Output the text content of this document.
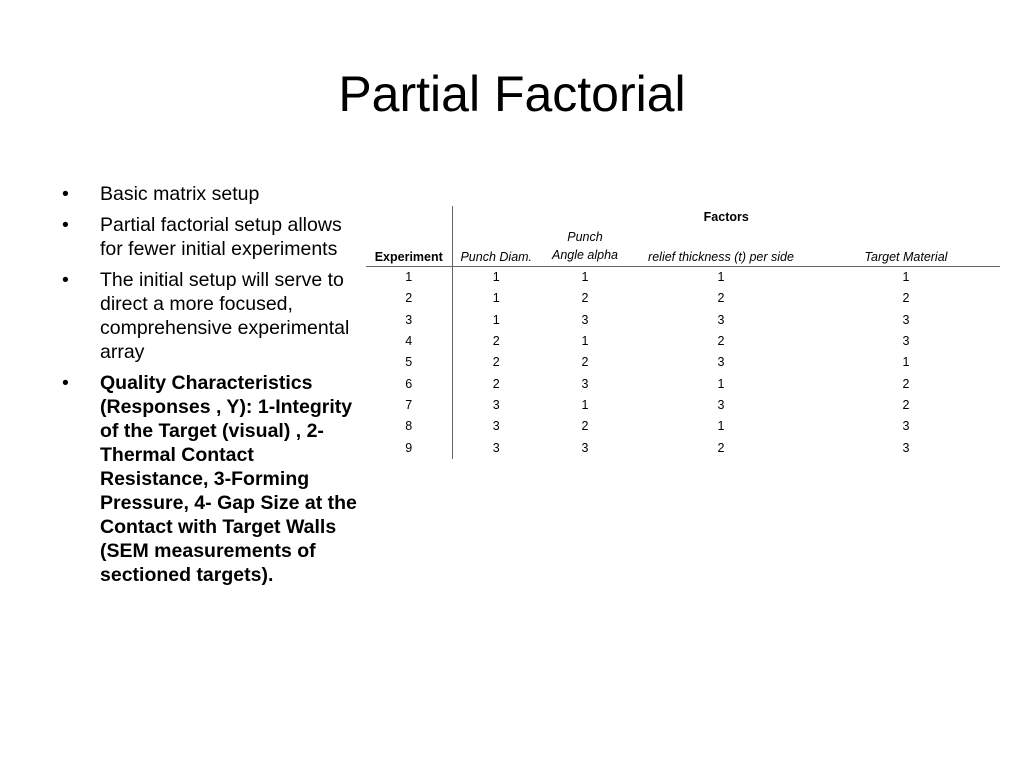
Partial Factorial
• Basic matrix setup
• Partial factorial setup allows for fewer initial experiments
• The initial setup will serve to direct a more focused, comprehensive experimental array
• Quality Characteristics (Responses , Y): 1-Integrity of the Target (visual) , 2-Thermal Contact Resistance, 3-Forming Pressure, 4- Gap Size at the Contact with Target Walls (SEM measurements of sectioned targets).
	Factors			
Experiment	Punch Diam.	Punch Angle alpha	relief thickness (t) per side	Target Material
1	1	1	1	1
2	1	2	2	2
3	1	3	3	3
4	2	1	2	3
5	2	2	3	1
6	2	3	1	2
7	3	1	3	2
8	3	2	1	3
9	3	3	2	3
